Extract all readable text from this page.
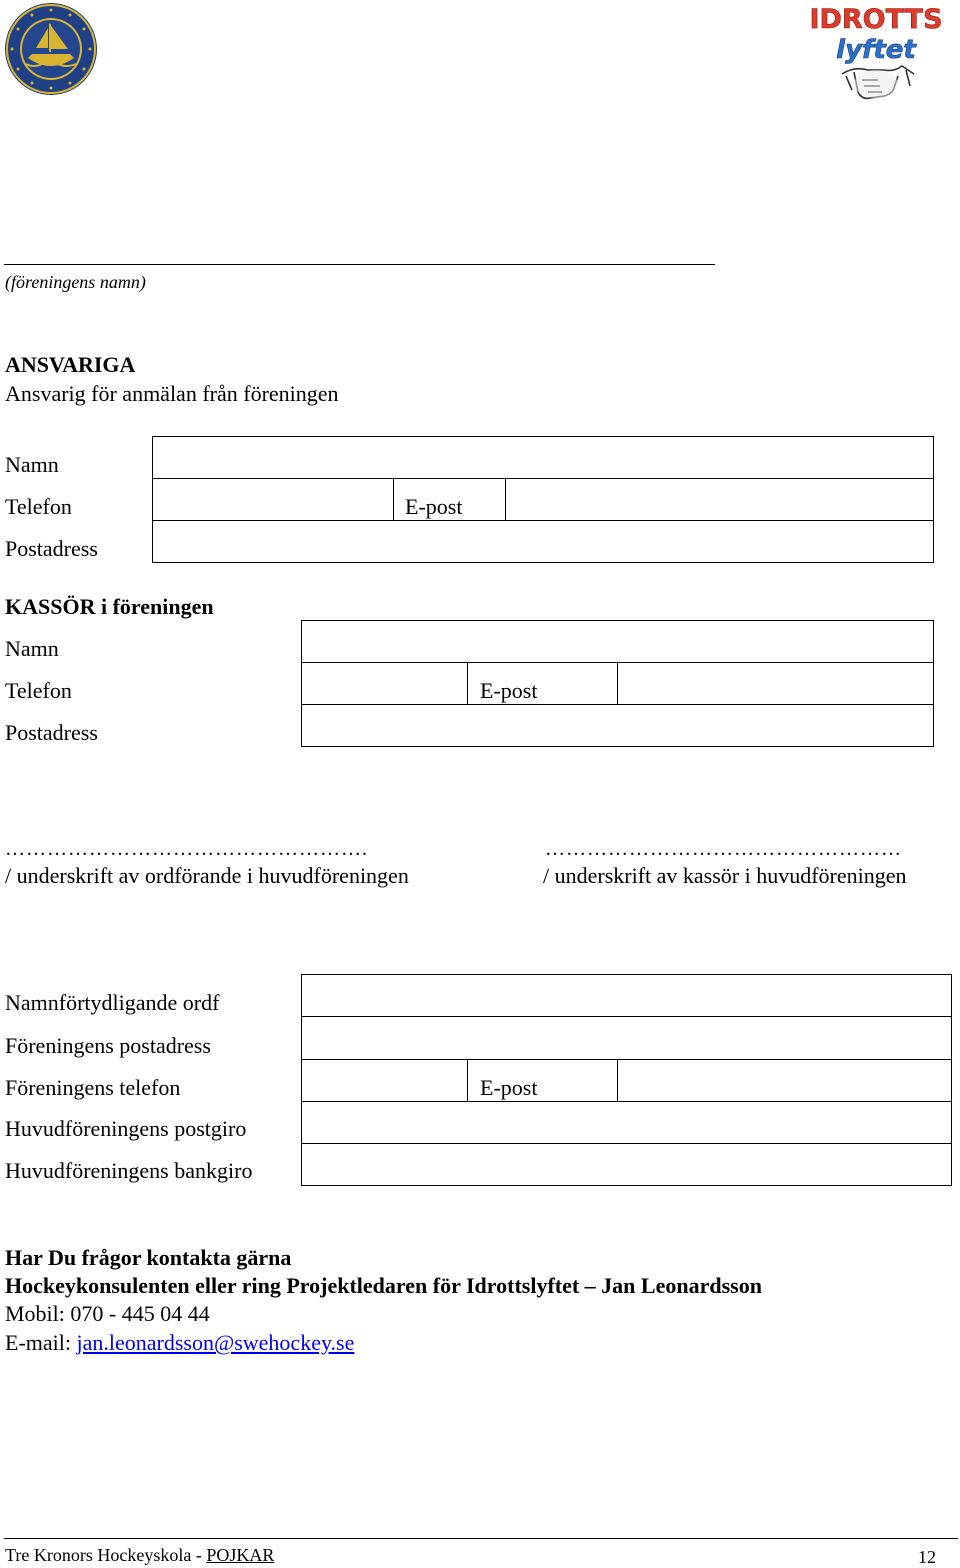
IDROTTS
lyftet
(föreningens namn)
ANSVARIGA
Ansvarig för anmälan från föreningen
Namn
Telefon
Postadress
E-post
KASSÖR i föreningen
Namn
Telefon
Postadress
E-post
…………………………………………….
/ underskrift av ordförande i huvudföreningen
……………………………………………
/ underskrift av kassör i huvudföreningen
Namnförtydligande ordf
Föreningens postadress
Föreningens telefon
Huvudföreningens postgiro
Huvudföreningens bankgiro
E-post
Har Du frågor kontakta gärna
Hockeykonsulenten eller ring Projektledaren för Idrottslyftet – Jan Leonardsson
Mobil: 070 - 445 04 44
E-mail: jan.leonardsson@swehockey.se
Tre Kronors Hockeyskola - POJKAR	12
